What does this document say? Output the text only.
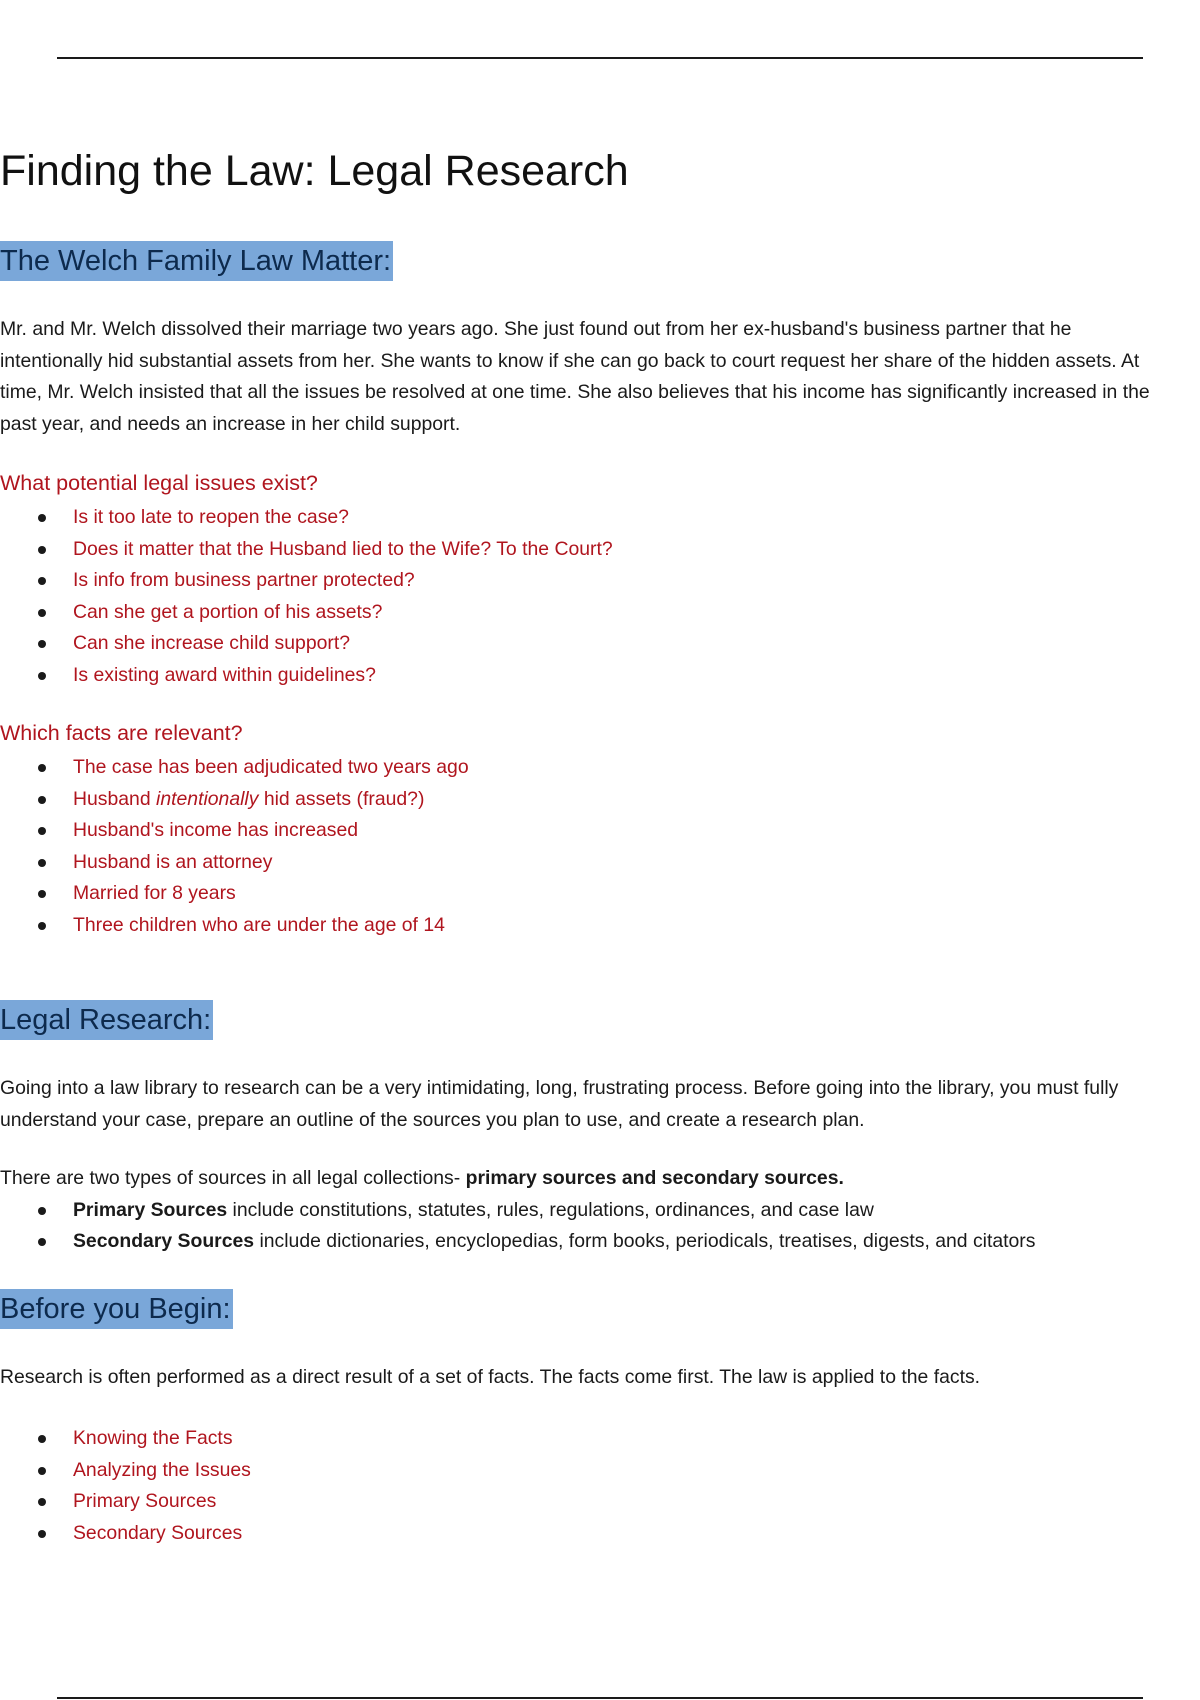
Finding the Law: Legal Research
The Welch Family Law Matter:
Mr. and Mr. Welch dissolved their marriage two years ago. She just found out from her ex-husband's business partner that he
intentionally hid substantial assets from her. She wants to know if she can go back to court request her share of the hidden assets. At
time, Mr. Welch insisted that all the issues be resolved at one time. She also believes that his income has significantly increased in the
past year, and needs an increase in her child support.
What potential legal issues exist?
Is it too late to reopen the case?
Does it matter that the Husband lied to the Wife? To the Court?
Is info from business partner protected?
Can she get a portion of his assets?
Can she increase child support?
Is existing award within guidelines?
Which facts are relevant?
The case has been adjudicated two years ago
Husband intentionally hid assets (fraud?)
Husband's income has increased
Husband is an attorney
Married for 8 years
Three children who are under the age of 14
Legal Research:
Going into a law library to research can be a very intimidating, long, frustrating process. Before going into the library, you must fully
understand your case, prepare an outline of the sources you plan to use, and create a research plan.
There are two types of sources in all legal collections- primary sources and secondary sources.
Primary Sources include constitutions, statutes, rules, regulations, ordinances, and case law
Secondary Sources include dictionaries, encyclopedias, form books, periodicals, treatises, digests, and citators
Before you Begin:
Research is often performed as a direct result of a set of facts. The facts come first. The law is applied to the facts.
Knowing the Facts
Analyzing the Issues
Primary Sources
Secondary Sources
